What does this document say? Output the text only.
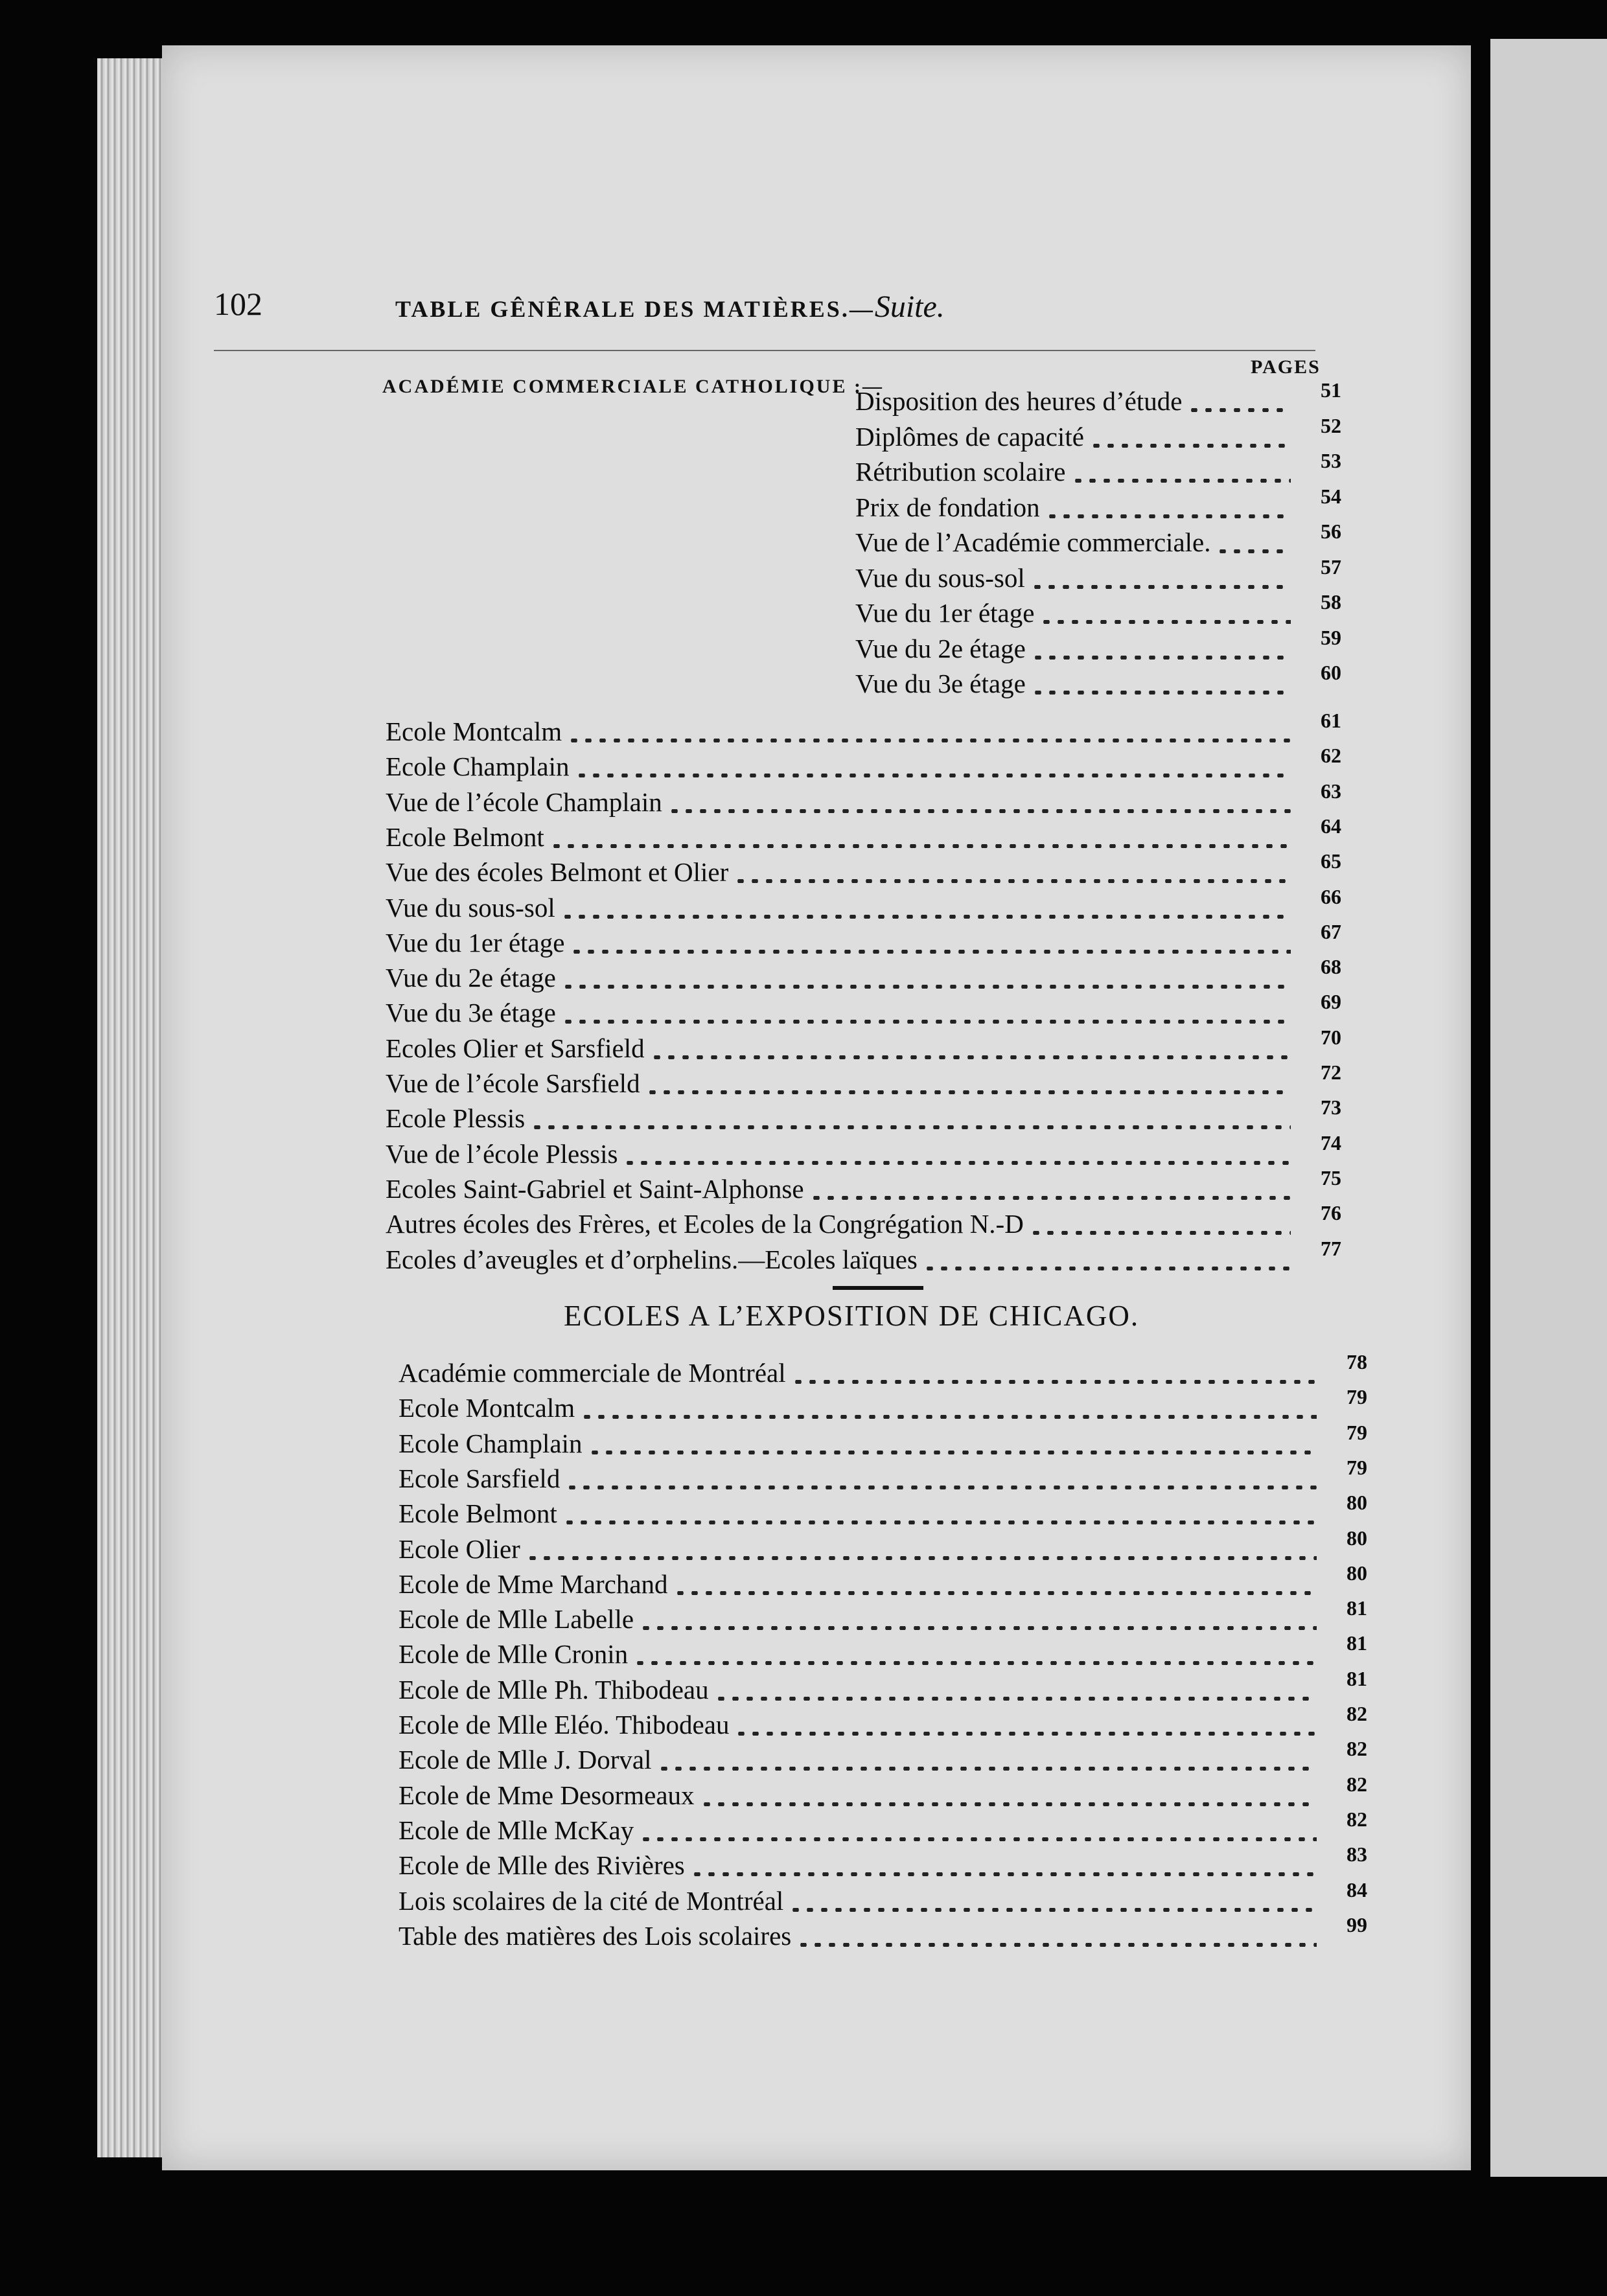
102	TABLE GÊNÊRALE DES MATIÈRES.—Suite.
PAGES
ACADÉMIE COMMERCIALE CATHOLIQUE :—
Disposition des heures d’étude	51
Diplômes de capacité	52
Rétribution scolaire	53
Prix de fondation	54
Vue de l’Académie commerciale.	56
Vue du sous-sol	57
Vue du 1er étage	58
Vue du 2e étage	59
Vue du 3e étage	60
Ecole Montcalm	61
Ecole Champlain	62
Vue de l’école Champlain	63
Ecole Belmont	64
Vue des écoles Belmont et Olier	65
Vue du sous-sol	66
Vue du 1er étage	67
Vue du 2e étage	68
Vue du 3e étage	69
Ecoles Olier et Sarsfield	70
Vue de l’école Sarsfield	72
Ecole Plessis	73
Vue de l’école Plessis	74
Ecoles Saint-Gabriel et Saint-Alphonse	75
Autres écoles des Frères, et Ecoles de la Congrégation N.-D	76
Ecoles d’aveugles et d’orphelins.—Ecoles laïques	77
ECOLES A L’EXPOSITION DE CHICAGO.
Académie commerciale de Montréal	78
Ecole Montcalm	79
Ecole Champlain	79
Ecole Sarsfield	79
Ecole Belmont	80
Ecole Olier	80
Ecole de Mme Marchand	80
Ecole de Mlle Labelle	81
Ecole de Mlle Cronin	81
Ecole de Mlle Ph. Thibodeau	81
Ecole de Mlle Eléo. Thibodeau	82
Ecole de Mlle J. Dorval	82
Ecole de Mme Desormeaux	82
Ecole de Mlle McKay	82
Ecole de Mlle des Rivières	83
Lois scolaires de la cité de Montréal	84
Table des matières des Lois scolaires	99
